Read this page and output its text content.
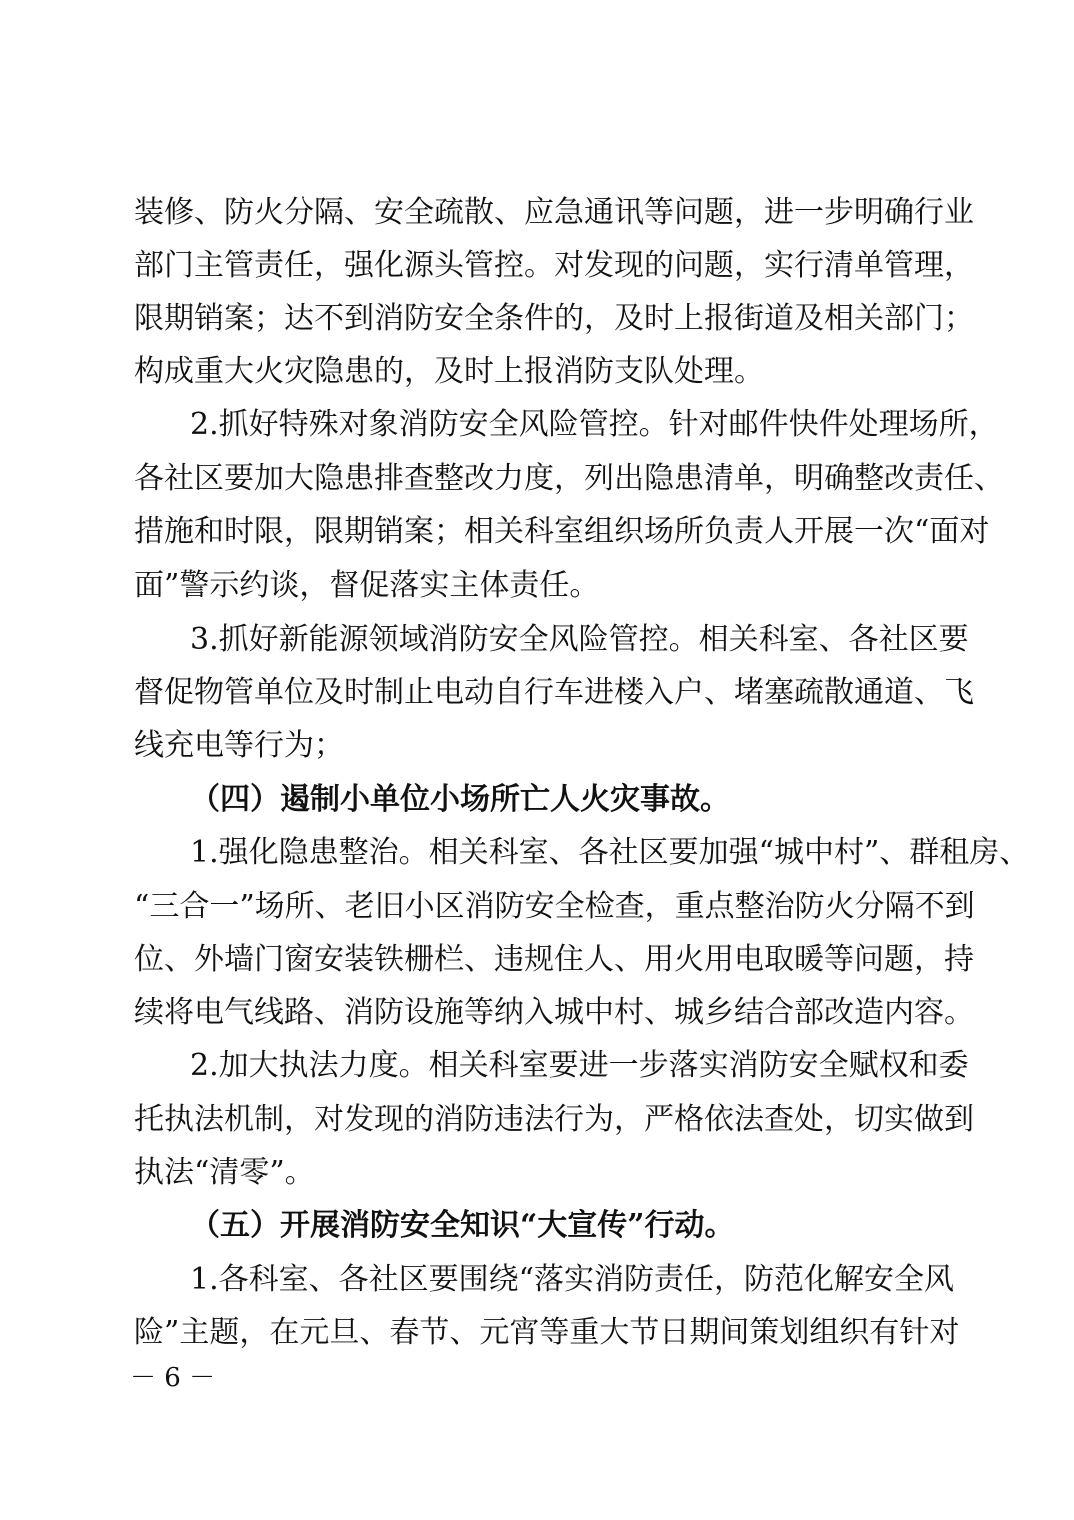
装修、防火分隔、安全疏散、应急通讯等问题，进一步明确行业
部门主管责任，强化源头管控。对发现的问题，实行清单管理，
限期销案；达不到消防安全条件的，及时上报街道及相关部门；
构成重大火灾隐患的，及时上报消防支队处理。
2.抓好特殊对象消防安全风险管控。针对邮件快件处理场所，
各社区要加大隐患排查整改力度，列出隐患清单，明确整改责任、
措施和时限，限期销案；相关科室组织场所负责人开展一次“面对
面”警示约谈，督促落实主体责任。
3.抓好新能源领域消防安全风险管控。相关科室、各社区要
督促物管单位及时制止电动自行车进楼入户、堵塞疏散通道、飞
线充电等行为；
（四）遏制小单位小场所亡人火灾事故。
1.强化隐患整治。相关科室、各社区要加强“城中村”、群租房、
“三合一”场所、老旧小区消防安全检查，重点整治防火分隔不到
位、外墙门窗安装铁栅栏、违规住人、用火用电取暖等问题，持
续将电气线路、消防设施等纳入城中村、城乡结合部改造内容。
2.加大执法力度。相关科室要进一步落实消防安全赋权和委
托执法机制，对发现的消防违法行为，严格依法查处，切实做到
执法“清零”。
（五）开展消防安全知识“大宣传”行动。
1.各科室、各社区要围绕“落实消防责任，防范化解安全风
险”主题，在元旦、春节、元宵等重大节日期间策划组织有针对
－ 6 －
